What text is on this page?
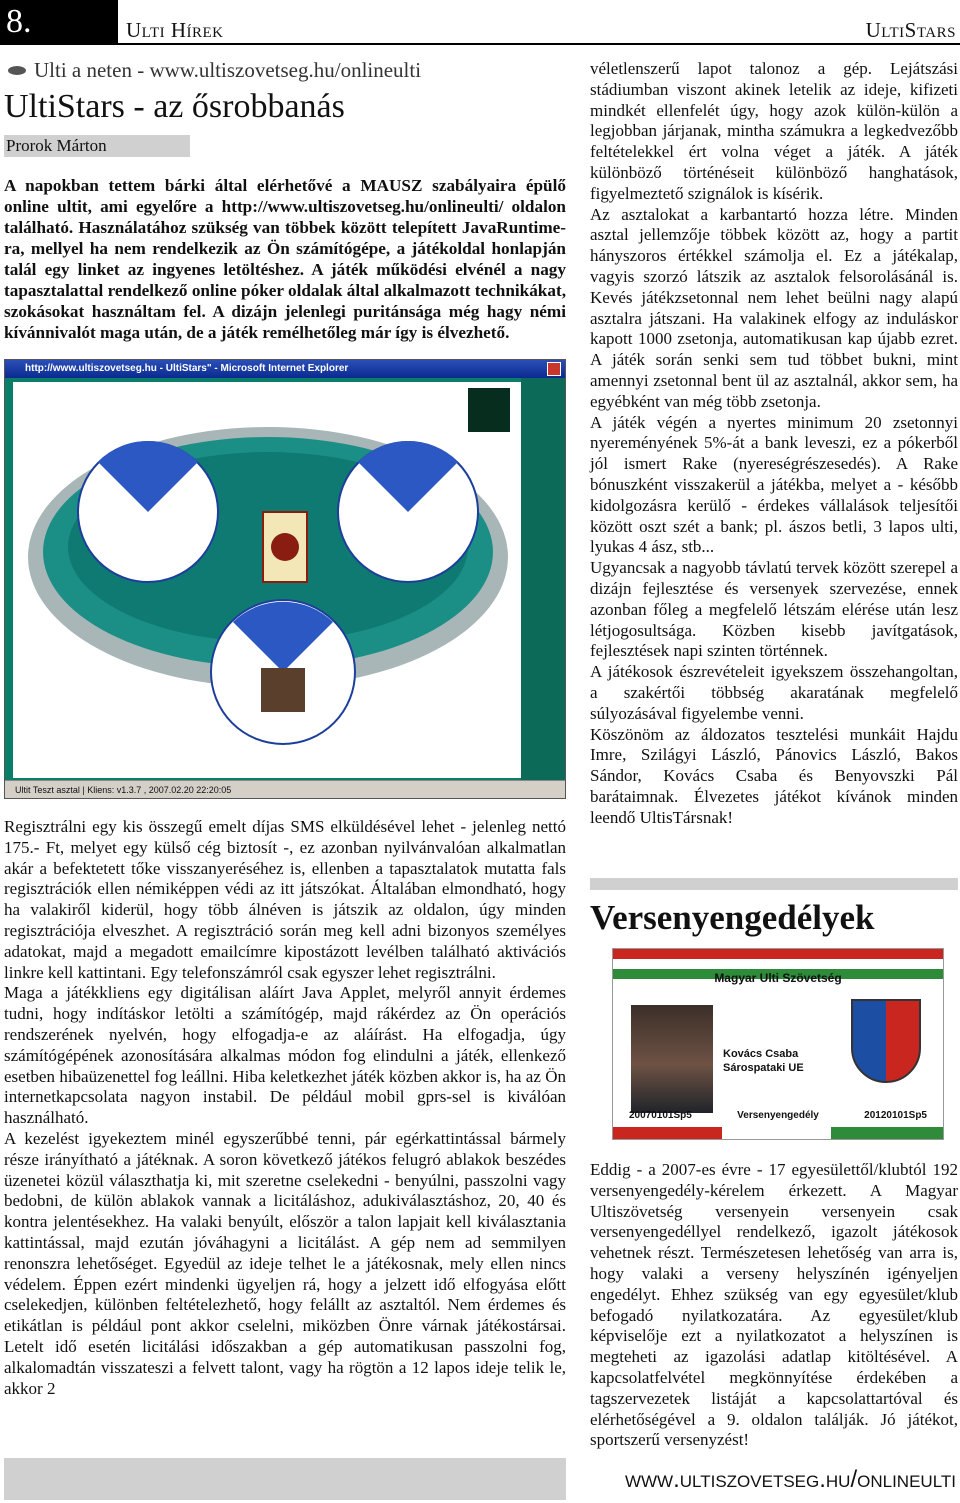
8.	Ulti Hírek	UltiStars
Ulti a neten - www.ultiszovetseg.hu/onlineulti
UltiStars - az ősrobbanás
Prorok Márton
A napokban tettem bárki által elérhetővé a MAUSZ szabályaira épülő online ultit, ami egyelőre a http://www.ultiszovetseg.hu/onlineulti/ oldalon található. Használatához szükség van többek között telepített JavaRuntime-ra, mellyel ha nem rendelkezik az Ön számítógépe, a játékoldal honlapján talál egy linket az ingyenes letöltéshez. A játék működési elvénél a nagy tapasztalattal rendelkező online póker oldalak által alkalmazott technikákat, szokásokat használtam fel. A dizájn jelenlegi puritánsága még hagy némi kívánnivalót maga után, de a játék remélhetőleg már így is élvezhető.
http://www.ultiszovetseg.hu - UltiStars" - Microsoft Internet Explorer
Ultit Teszt asztal | Kliens: v1.3.7 , 2007.02.20 22:20:05

Regisztrálni egy kis összegű emelt díjas SMS elküldésével lehet - jelenleg nettó 175.- Ft, melyet egy külső cég biztosít -, ez azonban nyilvánvalóan alkalmatlan akár a befektetett tőke visszanyeréséhez is, ellenben a tapasztalatok mutatta fals regisztrációk ellen némiképpen védi az itt játszókat. Általában elmondható, hogy ha valakiről kiderül, hogy több álnéven is játszik az oldalon, úgy minden regisztrációja elveszhet. A regisztráció során meg kell adni bizonyos személyes adatokat, majd a megadott emailcímre kipostázott levélben található aktivációs linkre kell kattintani. Egy telefonszámról csak egyszer lehet regisztrálni.

Maga a játékkliens egy digitálisan aláírt Java Applet, melyről annyit érdemes tudni, hogy indításkor letölti a számítógép, majd rákérdez az Ön operációs rendszerének nyelvén, hogy elfogadja-e az aláírást. Ha elfogadja, úgy számítógépének azonosítására alkalmas módon fog elindulni a játék, ellenkező esetben hibaüzenettel fog leállni. Hiba keletkezhet játék közben akkor is, ha az Ön internetkapcsolata nagyon instabil. De például mobil gprs-sel is kiválóan használható.

A kezelést igyekeztem minél egyszerűbbé tenni, pár egérkattintással bármely része irányítható a játéknak. A soron következő játékos felugró ablakok beszédes üzenetei közül választhatja ki, mit szeretne cselekedni - benyúlni, passzolni vagy bedobni, de külön ablakok vannak a licitáláshoz, adukiválasztáshoz, 20, 40 és kontra jelentésekhez. Ha valaki benyúlt, először a talon lapjait kell kiválasztania kattintással, majd ezután jóváhagyni a licitálást. A gép nem ad semmilyen renonszra lehetőséget. Egyedül az ideje telhet le a játékosnak, mely ellen nincs védelem. Éppen ezért mindenki ügyeljen rá, hogy a jelzett idő elfogyása előtt cselekedjen, különben feltételezhető, hogy felállt az asztaltól. Nem érdemes és etikátlan is például pont akkor cselelni, miközben Önre várnak játékostársai. Letelt idő esetén licitálási időszakban a gép automatikusan passzolni fog, alkalomadtán visszateszi a felvett talont, vagy ha rögtön a 12 lapos ideje telik le, akkor 2

véletlenszerű lapot talonoz a gép. Lejátszási stádiumban viszont akinek letelik az ideje, kifizeti mindkét ellenfelét úgy, hogy azok külön-külön a legjobban járjanak, mintha számukra a legkedvezőbb feltételekkel ért volna véget a játék. A játék különböző történéseit különböző hanghatások, figyelmeztető szignálok is kísérik.

Az asztalokat a karbantartó hozza létre. Minden asztal jellemzője többek között az, hogy a partit hányszoros értékkel számolja el. Ez a játékalap, vagyis szorzó látszik az asztalok felsorolásánál is. Kevés játékzsetonnal nem lehet beülni nagy alapú asztalra játszani. Ha valakinek elfogy az induláskor kapott 1000 zsetonja, automatikusan kap újabb ezret. A játék során senki sem tud többet bukni, mint amennyi zsetonnal bent ül az asztalnál, akkor sem, ha egyébként van még több zsetonja.

A játék végén a nyertes minimum 20 zsetonnyi nyereményének 5%-át a bank leveszi, ez a pókerből jól ismert Rake (nyereségrészesedés). A Rake bónuszként visszakerül a játékba, melyet a - később kidolgozásra kerülő - érdekes vállalások teljesítői között oszt szét a bank; pl. ászos betli, 3 lapos ulti, lyukas 4 ász, stb...

Ugyancsak a nagyobb távlatú tervek között szerepel a dizájn fejlesztése és versenyek szervezése, ennek azonban főleg a megfelelő létszám elérése után lesz létjogosultsága. Közben kisebb javítgatások, fejlesztések napi szinten történnek.

A játékosok észrevételeit igyekszem összehangoltan, a szakértői többség akaratának megfelelő súlyozásával figyelembe venni.

Köszönöm az áldozatos tesztelési munkáit Hajdu Imre, Szilágyi László, Pánovics László, Bakos Sándor, Kovács Csaba és Benyovszki Pál barátaimnak. Élvezetes játékot kívánok minden leendő UltisTársnak!

Versenyengedélyek
Magyar Ulti Szövetség
Kovács Csaba
Sárospataki UE
20070101Sp5	Versenyengedély	20120101Sp5
Eddig - a 2007-es évre - 17 egyesülettől/klubtól 192 versenyengedély-kérelem érkezett. A Magyar Ultiszövetség versenyein versenyein csak versenyengedéllyel rendelkező, igazolt játékosok vehetnek részt. Természetesen lehetőség van arra is, hogy valaki a verseny helyszínén igényeljen engedélyt. Ehhez szükség van egy egyesület/klub befogadó nyilatkozatára. Az egyesület/klub képviselője ezt a nyilatkozatot a helyszínen is megteheti az igazolási adatlap kitöltésével. A kapcsolatfelvétel megkönnyítése érdekében a tagszervezetek listáját a kapcsolattartóval és elérhetőségével a 9. oldalon találják. Jó játékot, sportszerű versenyzést!
www.ultiszovetseg.hu/onlineulti
